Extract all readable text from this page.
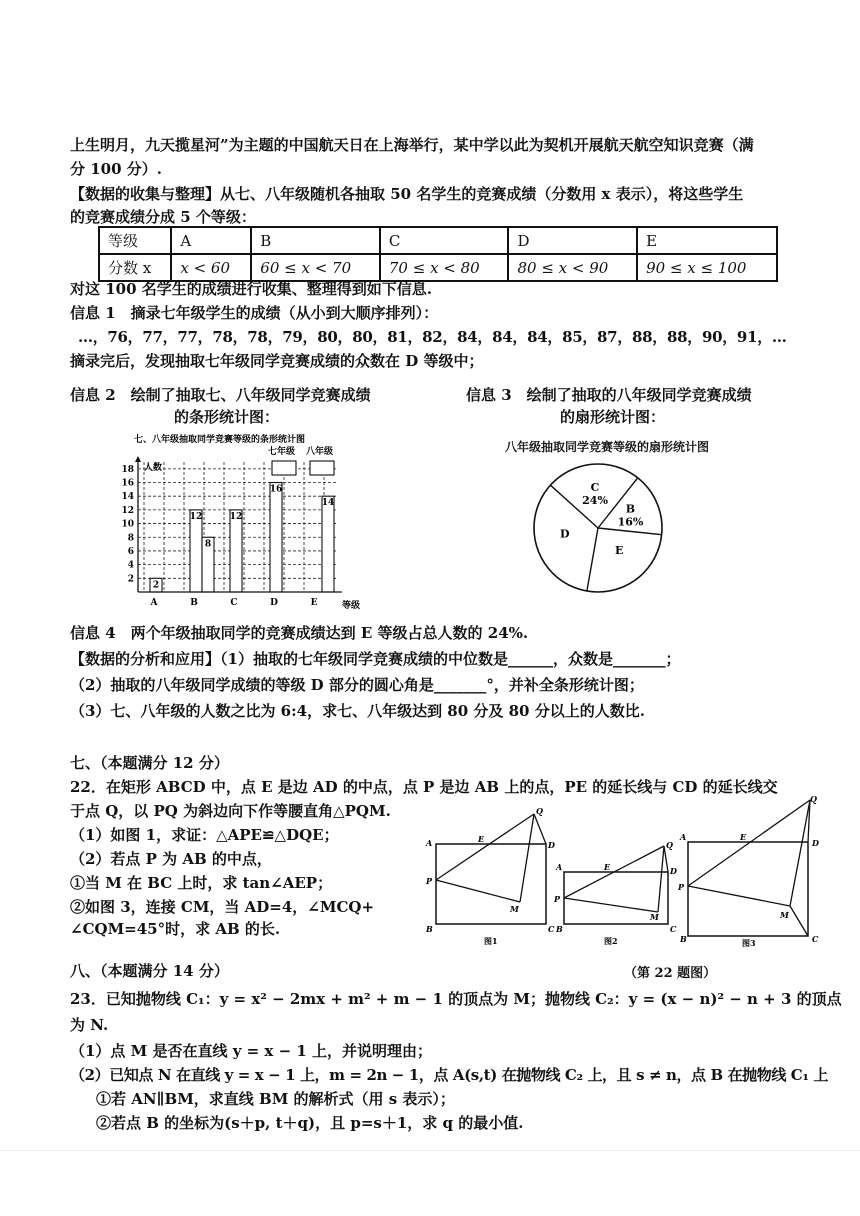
上生明月，九天揽星河”为主题的中国航天日在上海举行，某中学以此为契机开展航天航空知识竞赛（满
分 100 分）.
【数据的收集与整理】从七、八年级随机各抽取 50 名学生的竞赛成绩（分数用 x 表示），将这些学生
的竞赛成绩分成 5 个等级：
等级	A	B	C	D	E
分数 x	x < 60	60 ≤ x < 70	70 ≤ x < 80	80 ≤ x < 90	90 ≤ x ≤ 100
对这 100 名学生的成绩进行收集、整理得到如下信息.
信息 1　摘录七年级学生的成绩（从小到大顺序排列）：
…，76，77，77，78，78，79，80，80，81，82，84，84，84，85，87，88，88，90，91，…
摘录完后，发现抽取七年级同学竞赛成绩的众数在 D 等级中；
信息 2　绘制了抽取七、八年级同学竞赛成绩
的条形统计图：
信息 3　绘制了抽取的八年级同学竞赛成绩
的扇形统计图：
七、八年级抽取同学竞赛等级的条形统计图
人数
等级
2
12
8
12
16
14
2
4
6
8
10
12
14
16
18
A	B	C	D	E
七年级 八年级	八年级抽取同学竞赛等级的扇形统计图
C
24%
B
16%
E
D
信息 4　两个年级抽取同学的竞赛成绩达到 E 等级占总人数的 24%.
【数据的分析和应用】（1）抽取的七年级同学竞赛成绩的中位数是______，众数是_______；
（2）抽取的八年级同学成绩的等级 D 部分的圆心角是_______°，并补全条形统计图；
（3）七、八年级的人数之比为 6:4，求七、八年级达到 80 分及 80 分以上的人数比.
七、（本题满分 12 分）
22．在矩形 ABCD 中，点 E 是边 AD 的中点，点 P 是边 AB 上的点，PE 的延长线与 CD 的延长线交
于点 Q，以 PQ 为斜边向下作等腰直角△PQM.
（1）如图 1，求证：△APE≌△DQE；
（2）若点 P 为 AB 的中点，
①当 M 在 BC 上时，求 tan∠AEP；
②如图 3，连接 CM，当 AD=4，∠MCQ+
∠CQM=45°时，求 AB 的长.
A	E
Q
D
P
M
B	C
图1
A	E
Q
D
P
M
B	C
图2
A	E
Q
D
P
M
B	C
图3
八、（本题满分 14 分）	（第 22 题图）
23．已知抛物线 C₁：y = x² − 2mx + m² + m − 1 的顶点为 M；抛物线 C₂：y = (x − n)² − n + 3 的顶点
为 N.
（1）点 M 是否在直线 y = x − 1 上，并说明理由；
（2）已知点 N 在直线 y = x − 1 上，m = 2n − 1，点 A(s,t) 在抛物线 C₂ 上，且 s ≠ n，点 B 在抛物线 C₁ 上
①若 AN∥BM，求直线 BM 的解析式（用 s 表示）；
②若点 B 的坐标为(s＋p, t＋q)，且 p=s＋1，求 q 的最小值.
